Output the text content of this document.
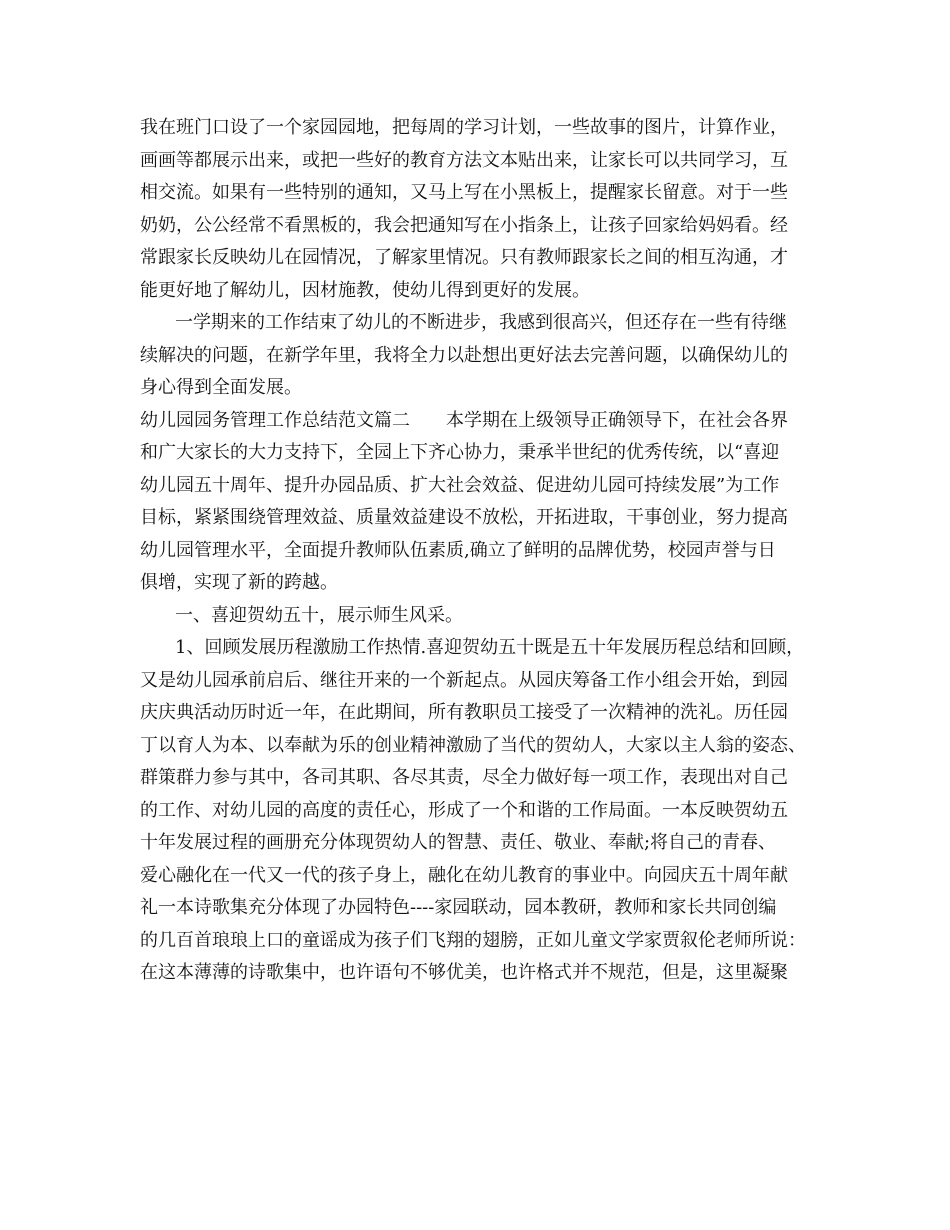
我在班门口设了一个家园园地，把每周的学习计划，一些故事的图片，计算作业，
画画等都展示出来，或把一些好的教育方法文本贴出来，让家长可以共同学习，互
相交流。如果有一些特别的通知，又马上写在小黑板上，提醒家长留意。对于一些
奶奶，公公经常不看黑板的，我会把通知写在小指条上，让孩子回家给妈妈看。经
常跟家长反映幼儿在园情况，了解家里情况。只有教师跟家长之间的相互沟通，才
能更好地了解幼儿，因材施教，使幼儿得到更好的发展。
一学期来的工作结束了幼儿的不断进步，我感到很高兴，但还存在一些有待继
续解决的问题，在新学年里，我将全力以赴想出更好法去完善问题，以确保幼儿的
身心得到全面发展。
幼儿园园务管理工作总结范文篇二　　本学期在上级领导正确领导下，在社会各界
和广大家长的大力支持下，全园上下齐心协力，秉承半世纪的优秀传统，以“喜迎
幼儿园五十周年、提升办园品质、扩大社会效益、促进幼儿园可持续发展”为工作
目标，紧紧围绕管理效益、质量效益建设不放松，开拓进取，干事创业，努力提高
幼儿园管理水平，全面提升教师队伍素质,确立了鲜明的品牌优势，校园声誉与日
俱增，实现了新的跨越。
一、喜迎贺幼五十，展示师生风采。
1、回顾发展历程激励工作热情.喜迎贺幼五十既是五十年发展历程总结和回顾，
又是幼儿园承前启后、继往开来的一个新起点。从园庆筹备工作小组会开始，到园
庆庆典活动历时近一年，在此期间，所有教职员工接受了一次精神的洗礼。历任园
丁以育人为本、以奉献为乐的创业精神激励了当代的贺幼人，大家以主人翁的姿态、
群策群力参与其中，各司其职、各尽其责，尽全力做好每一项工作，表现出对自己
的工作、对幼儿园的高度的责任心，形成了一个和谐的工作局面。一本反映贺幼五
十年发展过程的画册充分体现贺幼人的智慧、责任、敬业、奉献;将自己的青春、
爱心融化在一代又一代的孩子身上，融化在幼儿教育的事业中。向园庆五十周年献
礼一本诗歌集充分体现了办园特色----家园联动，园本教研，教师和家长共同创编
的几百首琅琅上口的童谣成为孩子们飞翔的翅膀，正如儿童文学家贾叙伦老师所说：
在这本薄薄的诗歌集中，也许语句不够优美，也许格式并不规范，但是，这里凝聚
